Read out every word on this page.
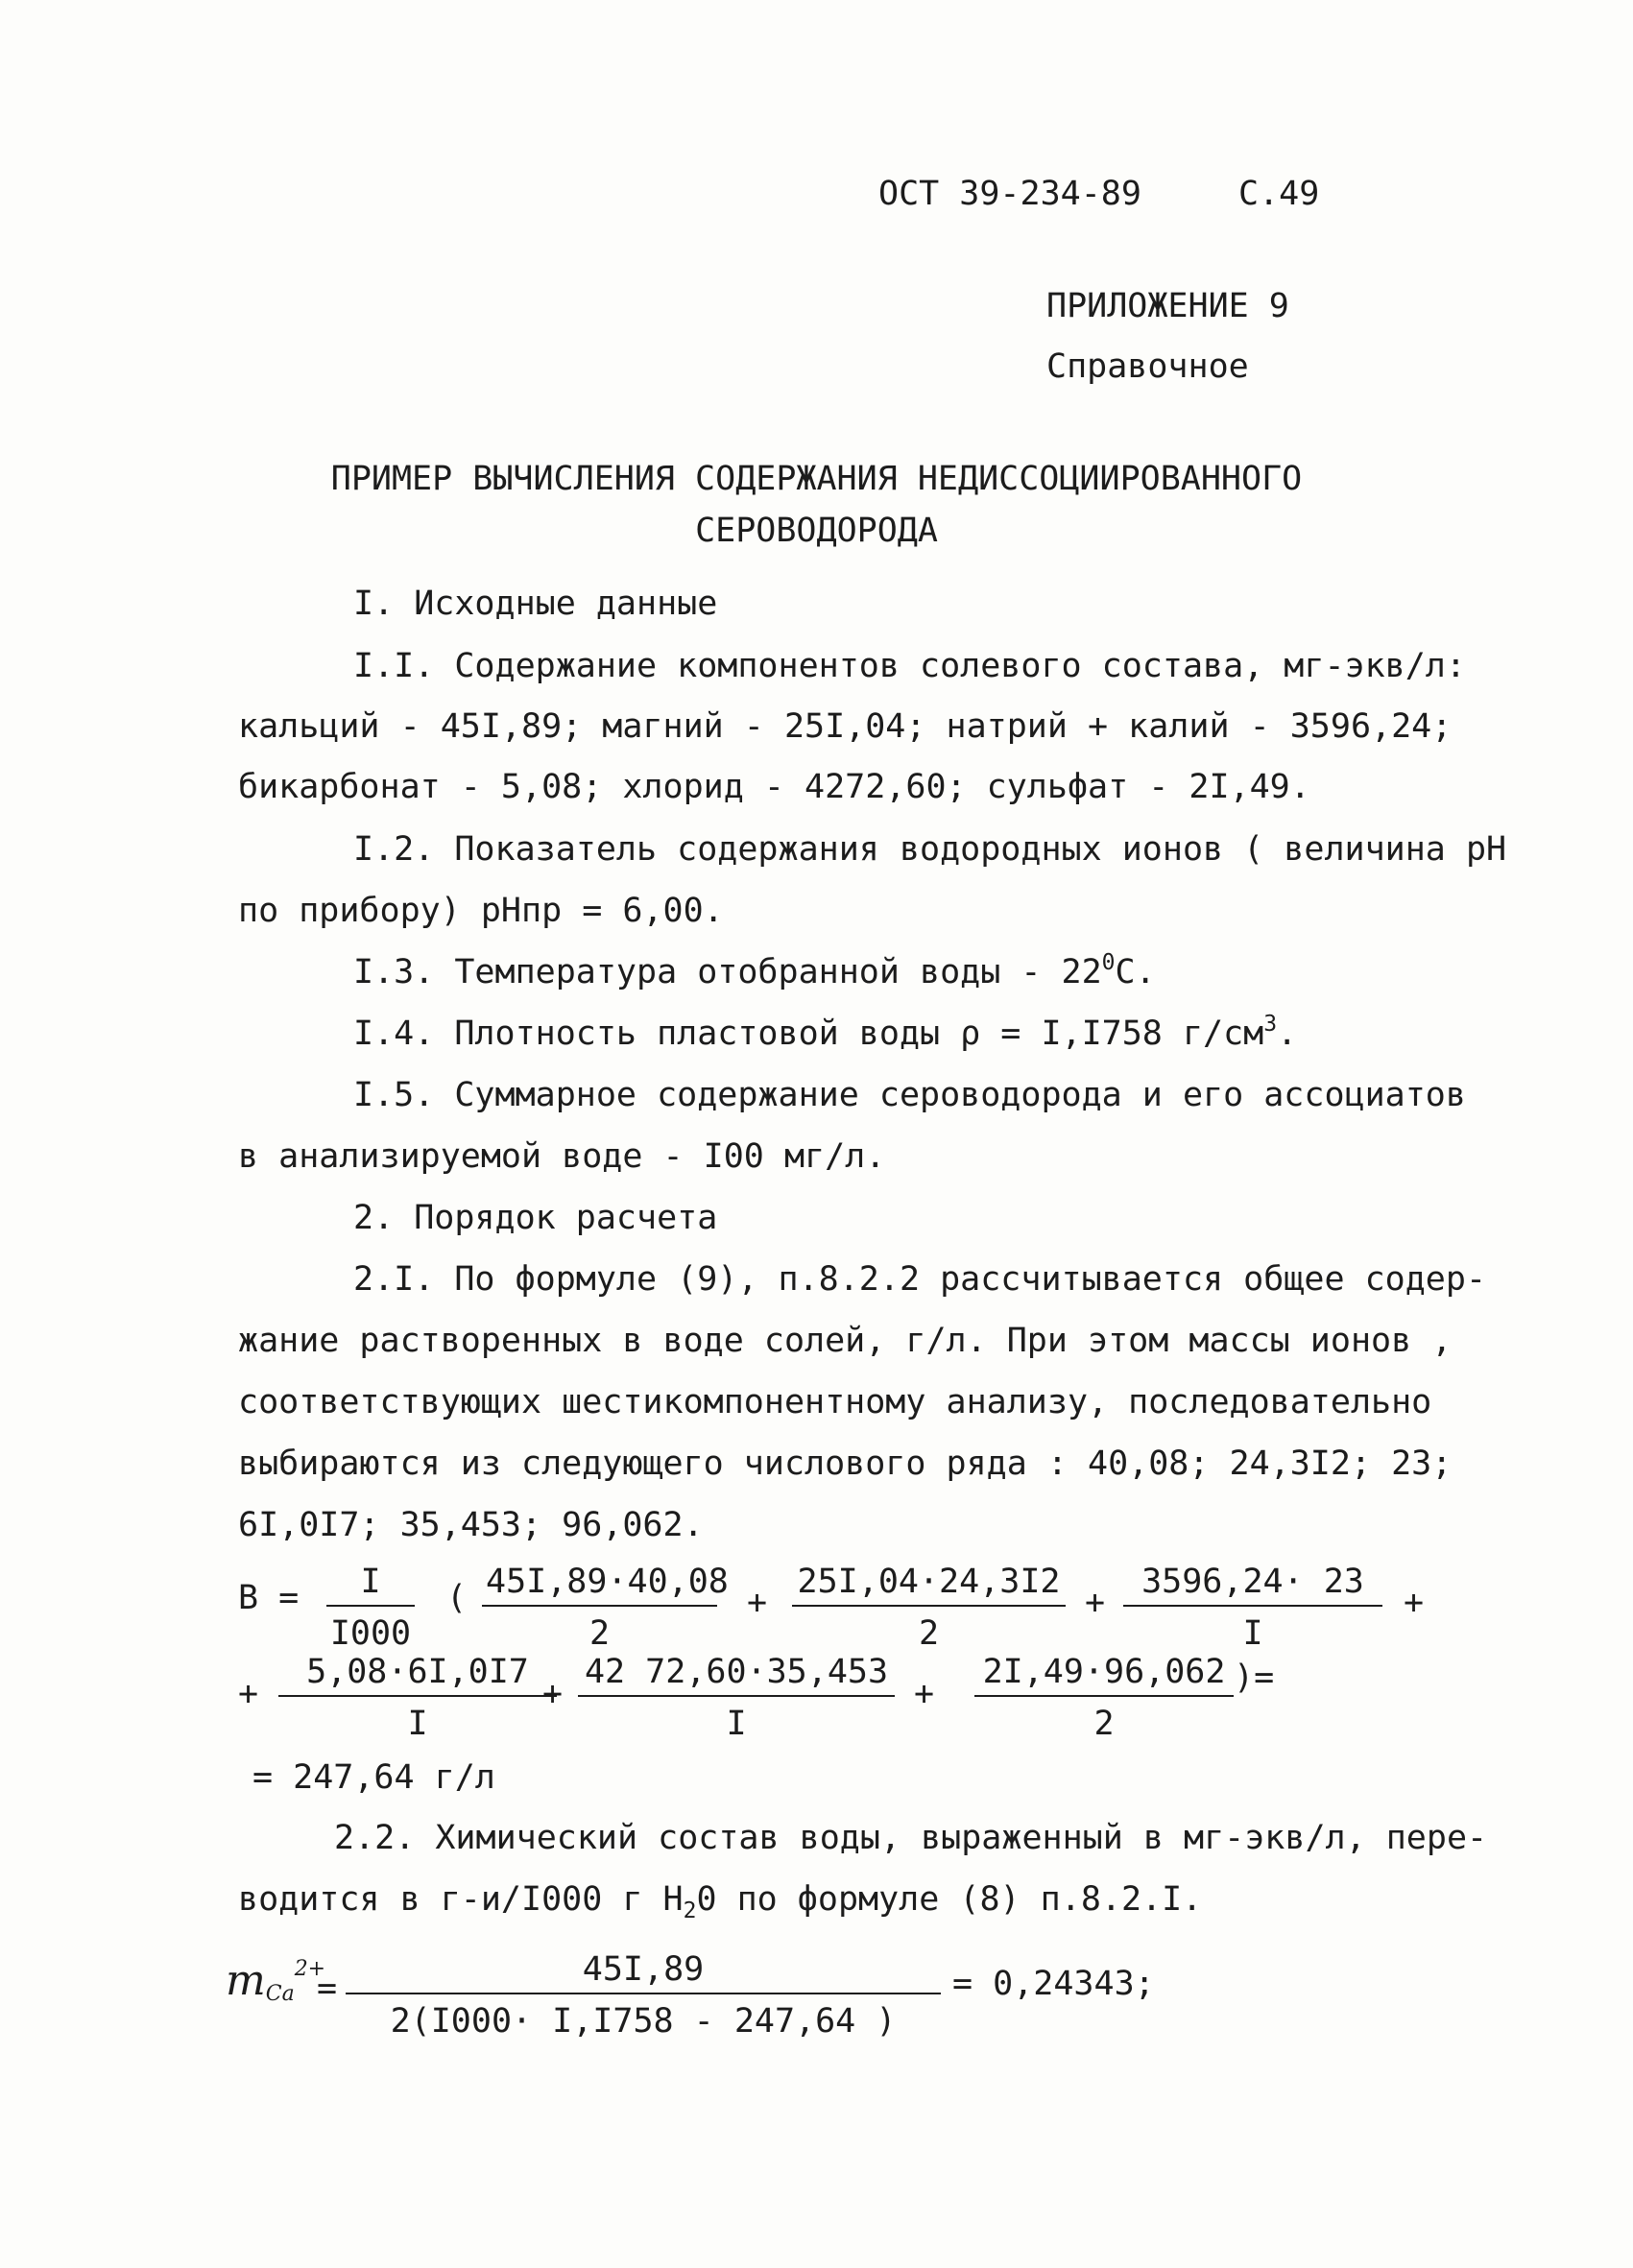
ОСТ 39-234-89	С.49
ПРИЛОЖЕНИЕ 9
Справочное
ПРИМЕР ВЫЧИСЛЕНИЯ СОДЕРЖАНИЯ НЕДИССОЦИИРОВАННОГО
СЕРОВОДОРОДА
I. Исходные данные
I.I. Содержание компонентов солевого состава, мг-экв/л:
кальций - 45I,89; магний - 25I,04; натрий + калий - 3596,24;
бикарбонат - 5,08; хлорид - 4272,60; сульфат - 2I,49.
I.2. Показатель содержания водородных ионов ( величина pH
по прибору) pHпр = 6,00.
I.3. Температура отобранной воды - $22^0С$.
I.4. Плотность пластовой воды ρ = I,I758 $г/см^3$.
I.5. Суммарное содержание сероводорода и его ассоциатов
в анализируемой воде - I00 мг/л.
2. Порядок расчета
2.I. По формуле (9), п.8.2.2 рассчитывается общее содер-
жание растворенных в воде солей, г/л. При этом массы ионов ,
соответствующих шестикомпонентному анализу, последовательно
выбираются из следующего числового ряда : 40,08; 24,3I2; 23;
6I,0I7; 35,453; 96,062.
В =	I
I000
( 45I,89·40,08
2
+
25I,04·24,3I2
2
+
3596,24· 23
I
+
+
5,08·6I,0I7
I
+
42 72,60·35,453
I
+
2I,49·96,062
2
)=
= 247,64 г/л
2.2. Химический состав воды, выраженный в мг-экв/л, пере-
водится в г-и/I000 г $Н_20$ по формуле (8) п.8.2.I.
$m_{Ca}^{2+}$
=	45I,89
2(I000· I,I758 - 247,64 )
= 0,24343;
